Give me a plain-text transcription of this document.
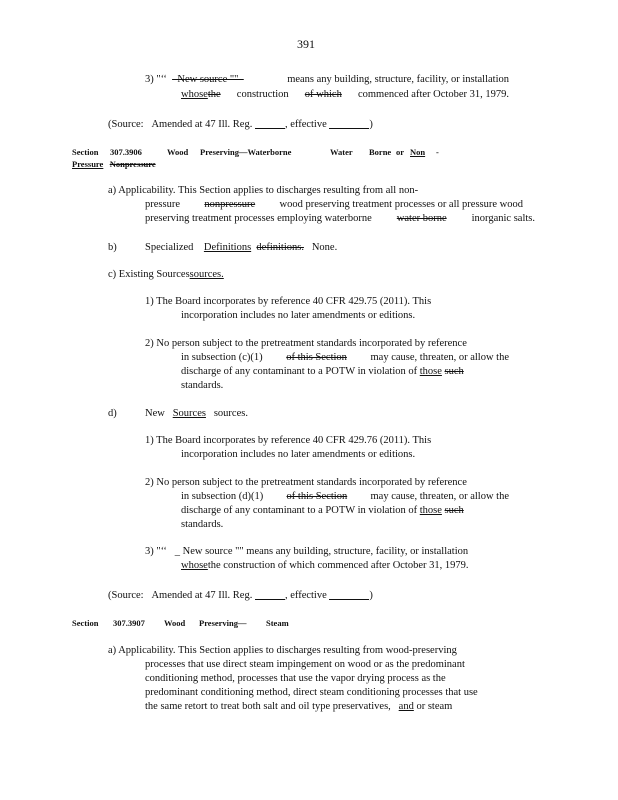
391
3) "‘‘ –New source ""–	means any building, structure, facility, or installation
whosethe construction of which commenced after October 31, 1979.
(Source: Amended at 47 Ill. Reg.	, effective	)
Section 307.3906	Wood Preserving—Waterborne	Water Borne or Non -
Pressure Nonpressure
a) Applicability. This Section applies to discharges resulting from all non-
pressure nonpressure wood preserving treatment processes or all pressure wood
preserving treatment processes employing waterborne water borne inorganic salts.
b)	Specialized Definitions definitions. None.
c) Existing Sourcessources.
1) The Board incorporates by reference 40 CFR 429.75 (2011). This
incorporation includes no later amendments or editions.
2) No person subject to the pretreatment standards incorporated by reference
in subsection (c)(1) of this Section may cause, threaten, or allow the
discharge of any contaminant to a POTW in violation of those such
standards.
d)	New Sources sources.
1) The Board incorporates by reference 40 CFR 429.76 (2011). This
incorporation includes no later amendments or editions.
2) No person subject to the pretreatment standards incorporated by reference
in subsection (d)(1) of this Section may cause, threaten, or allow the
discharge of any contaminant to a POTW in violation of those such
standards.
3) "‘‘ _ New source "" means any building, structure, facility, or installation
whosethe construction of which commenced after October 31, 1979.
(Source: Amended at 47 Ill. Reg.	, effective	)
Section 307.3907 Wood Preserving— Steam
a) Applicability. This Section applies to discharges resulting from wood-preserving
processes that use direct steam impingement on wood or as the predominant
conditioning method, processes that use the vapor drying process as the
predominant conditioning method, direct steam conditioning processes that use
the same retort to treat both salt and oil type preservatives, and or steam
